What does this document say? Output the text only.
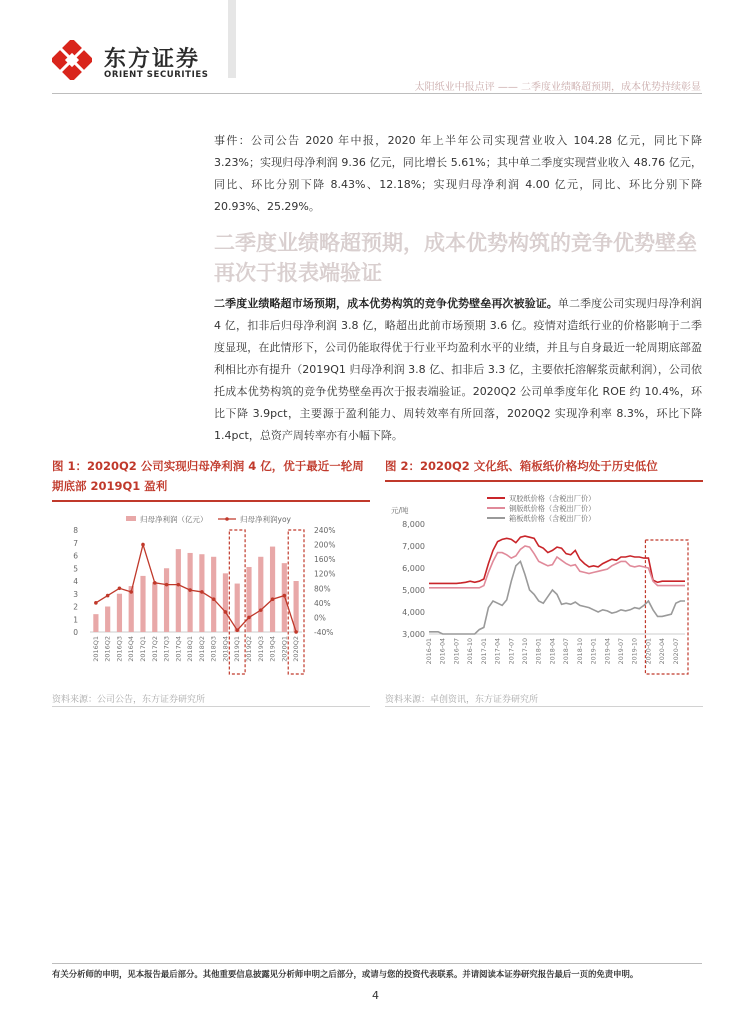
东方证券
ORIENT SECURITIES
太阳纸业中报点评 —— 二季度业绩略超预期，成本优势持续彰显

事件：公司公告 2020 年中报，2020 年上半年公司实现营业收入 104.28 亿元，同比下降 3.23%；实现归母净利润 9.36 亿元，同比增长 5.61%；其中单二季度实现营业收入 48.76 亿元，同比、环比分别下降 8.43%、12.18%；实现归母净利润 4.00 亿元，同比、环比分别下降 20.93%、25.29%。

二季度业绩略超预期，成本优势构筑的竞争优势壁垒再次于报表端验证

二季度业绩略超市场预期，成本优势构筑的竞争优势壁垒再次被验证。单二季度公司实现归母净利润 4 亿，扣非后归母净利润 3.8 亿，略超出此前市场预期 3.6 亿。疫情对造纸行业的价格影响于二季度显现，在此情形下，公司仍能取得优于行业平均盈利水平的业绩，并且与自身最近一轮周期底部盈利相比亦有提升（2019Q1 归母净利润 3.8 亿、扣非后 3.3 亿，主要依托溶解浆贡献利润），公司依托成本优势构筑的竞争优势壁垒再次于报表端验证。2020Q2 公司单季度年化 ROE 约 10.4%，环比下降 3.9pct，主要源于盈利能力、周转效率有所回落，2020Q2 实现净利率 8.3%，环比下降 1.4pct，总资产周转率亦有小幅下降。

图 1：2020Q2 公司实现归母净利润 4 亿，优于最近一轮周期底部 2019Q1 盈利

归母净利润（亿元）	归母净利润yoy
0
1
2
3
4
5
6
7
8
-40%
0%
40%
80%
120%
160%
200%
240%
2016Q1 2016Q2 2016Q3 2016Q4 2017Q1 2017Q2 2017Q3 2017Q4 2018Q1 2018Q2 2018Q3 2018Q4 2019Q1 2019Q2 2019Q3 2019Q4 2020Q1 2020Q2
资料来源：公司公告，东方证券研究所

图 2：2020Q2 文化纸、箱板纸价格均处于历史低位

元/吨
双胶纸价格（含税出厂价）
铜版纸价格（含税出厂价）
箱板纸价格（含税出厂价）
3,000
4,000
5,000
6,000
7,000
8,000
2016-01 2016-04 2016-07 2016-10 2017-01 2017-04 2017-07 2017-10 2018-01 2018-04 2018-07 2018-10 2019-01 2019-04 2019-07 2019-10 2020-01 2020-04 2020-07
资料来源：卓创资讯，东方证券研究所
有关分析师的申明，见本报告最后部分。其他重要信息披露见分析师申明之后部分，或请与您的投资代表联系。并请阅读本证券研究报告最后一页的免责申明。
4
